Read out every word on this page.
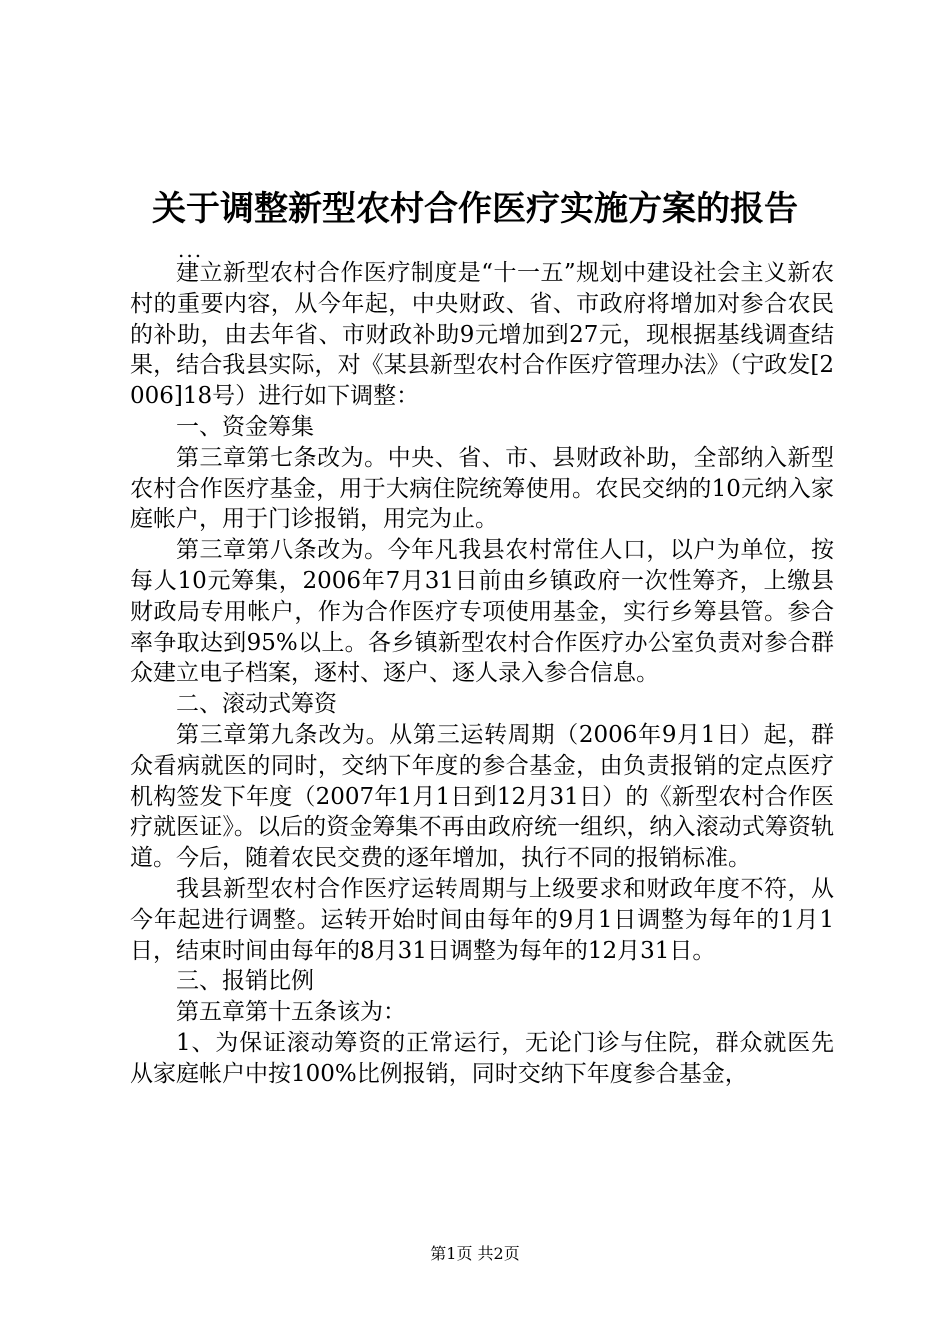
关于调整新型农村合作医疗实施方案的报告
...

建立新型农村合作医疗制度是“十一五”规划中建设社会主义新农村的重要内容，从今年起，中央财政、省、市政府将增加对参合农民的补助，由去年省、市财政补助9元增加到27元，现根据基线调查结果，结合我县实际，对《某县新型农村合作医疗管理办法》（宁政发[2006]18号）进行如下调整：

一、资金筹集

第三章第七条改为。中央、省、市、县财政补助，全部纳入新型农村合作医疗基金，用于大病住院统筹使用。农民交纳的10元纳入家庭帐户，用于门诊报销，用完为止。

第三章第八条改为。今年凡我县农村常住人口，以户为单位，按每人10元筹集，2006年7月31日前由乡镇政府一次性筹齐，上缴县财政局专用帐户，作为合作医疗专项使用基金，实行乡筹县管。参合率争取达到95%以上。各乡镇新型农村合作医疗办公室负责对参合群众建立电子档案，逐村、逐户、逐人录入参合信息。

二、滚动式筹资

第三章第九条改为。从第三运转周期（2006年9月1日）起，群众看病就医的同时，交纳下年度的参合基金，由负责报销的定点医疗机构签发下年度（2007年1月1日到12月31日）的《新型农村合作医疗就医证》。以后的资金筹集不再由政府统一组织，纳入滚动式筹资轨道。今后，随着农民交费的逐年增加，执行不同的报销标准。

我县新型农村合作医疗运转周期与上级要求和财政年度不符，从今年起进行调整。运转开始时间由每年的9月1日调整为每年的1月1日，结束时间由每年的8月31日调整为每年的12月31日。

三、报销比例

第五章第十五条该为：

1、为保证滚动筹资的正常运行，无论门诊与住院，群众就医先从家庭帐户中按100%比例报销，同时交纳下年度参合基金，

第1页 共2页
